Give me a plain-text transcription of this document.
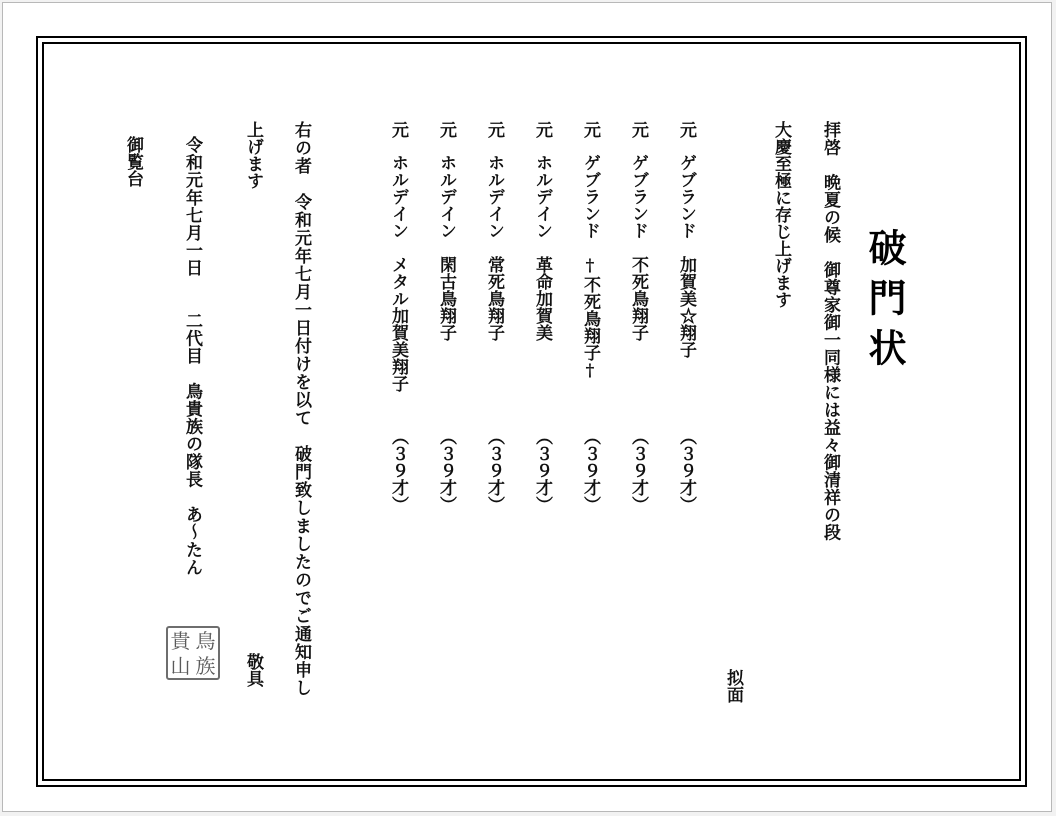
破門状
拝啓　晩夏の候　御尊家御一同様には益々御清祥の段
大慶至極に存じ上げます
拟面
元
ゲブランド　加賀美☆翔子
（３９才）
元
ゲブランド　不死鳥翔子
（３９才）
元
ゲブランド　†不死鳥翔子†
（３９才）
元
ホルデイン　革命加賀美
（３９才）
元
ホルデイン　常死鳥翔子
（３９才）
元
ホルデイン　閑古鳥翔子
（３９才）
元
ホルデイン　メタル加賀美翔子
（３９才）
右の者　令和元年七月一日付けを以て　破門致しましたのでご通知申し
上げます
敬具
令和元年七月一日　　二代目　鳥貴族の隊長　あ～たん
鳥
貴
族
山
御覧台
